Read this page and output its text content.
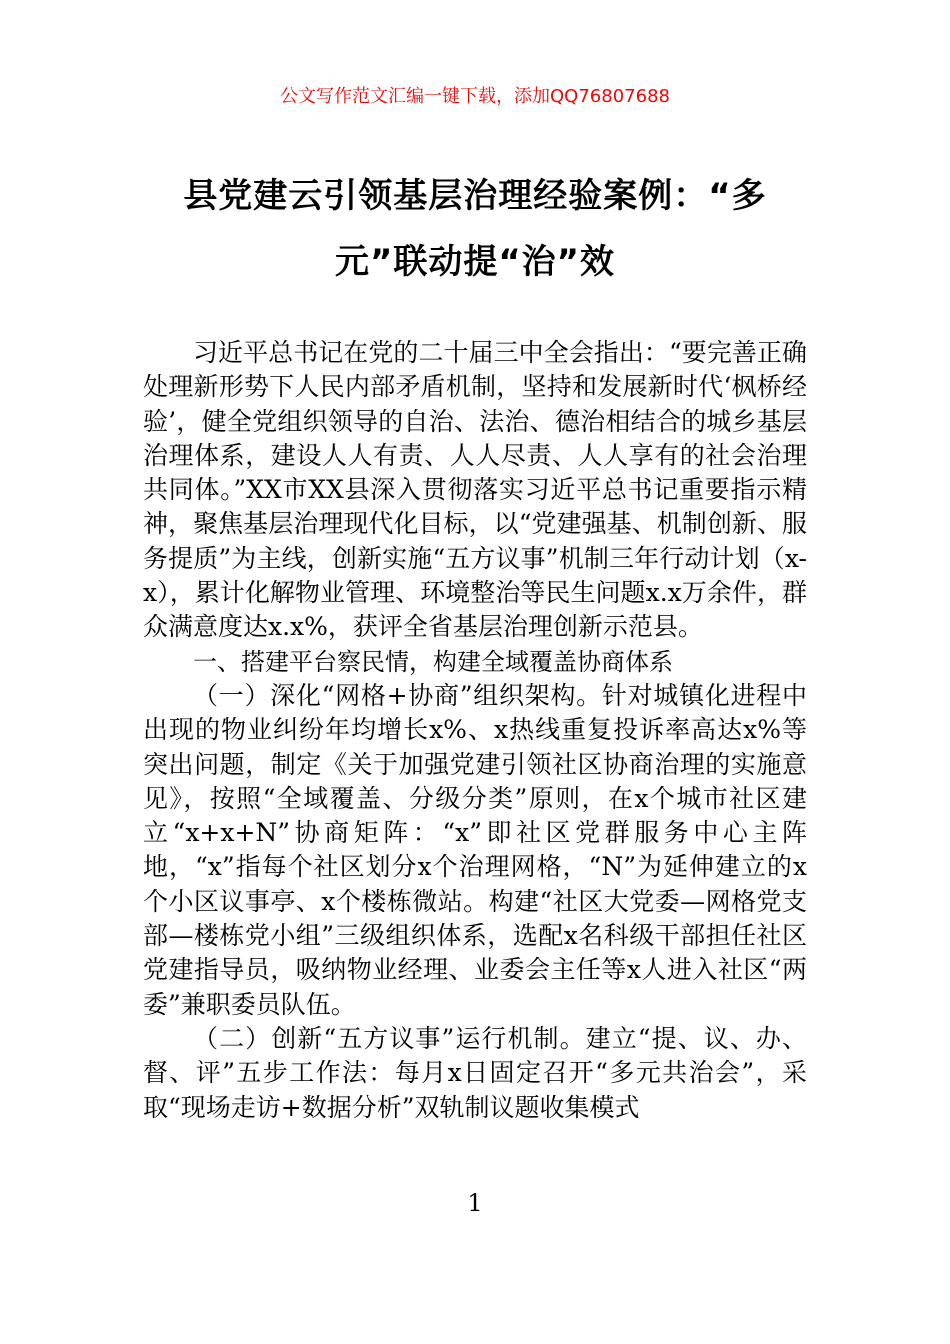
公文写作范文汇编一键下载，添加QQ76807688
县党建云引领基层治理经验案例：“多
元”联动提“治”效

习近平总书记在党的二十届三中全会指出：“要完善正确处理新形势下人民内部矛盾机制，坚持和发展新时代‘枫桥经验’，健全党组织领导的自治、法治、德治相结合的城乡基层治理体系，建设人人有责、人人尽责、人人享有的社会治理共同体。”XX市XX县深入贯彻落实习近平总书记重要指示精神，聚焦基层治理现代化目标，以“党建强基、机制创新、服务提质”为主线，创新实施“五方议事”机制三年行动计划（x-x），累计化解物业管理、环境整治等民生问题x.x万余件，群众满意度达x.x%，获评全省基层治理创新示范县。

一、搭建平台察民情，构建全域覆盖协商体系

（一）深化“网格+协商”组织架构。针对城镇化进程中出现的物业纠纷年均增长x%、x热线重复投诉率高达x%等突出问题，制定《关于加强党建引领社区协商治理的实施意见》，按照“全域覆盖、分级分类”原则，在x个城市社区建立“x+x+N”协商矩阵：“x”即社区党群服务中心主阵地，“x”指每个社区划分x个治理网格，“N”为延伸建立的x个小区议事亭、x个楼栋微站。构建“社区大党委—网格党支部—楼栋党小组”三级组织体系，选配x名科级干部担任社区党建指导员，吸纳物业经理、业委会主任等x人进入社区“两委”兼职委员队伍。

（二）创新“五方议事”运行机制。建立“提、议、办、督、评”五步工作法：每月x日固定召开“多元共治会”，采取“现场走访+数据分析”双轨制议题收集模式

1
